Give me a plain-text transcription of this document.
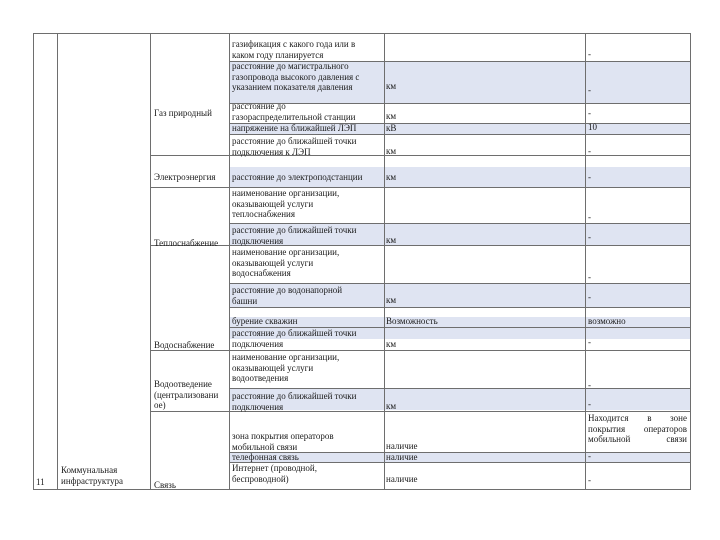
11
Коммунальная
инфраструктура
Газ природный
Электроэнергия
Теплоснабжение
Водоснабжение
Водоотведение
(централизовани
ое)
Связь
газификация с какого года или в
каком году планируется
расстояние до магистрального
газопровода высокого давления с
указанием показателя давления
расстояние до
газораспределительной станции
напряжение на ближайшей ЛЭП
расстояние до ближайшей точки
подключения к ЛЭП
расстояние до электроподстанции
наименование организации,
оказывающей услуги
теплоснабжения
расстояние до ближайшей точки
подключения
наименование организации,
оказывающей услуги
водоснабжения
расстояние до водонапорной
башни
бурение скважин
расстояние до ближайшей точки
подключения
наименование организации,
оказывающей услуги
водоотведения
расстояние до ближайшей точки
подключения
зона покрытия операторов
мобильной связи
телефонная связь
Интернет (проводной,
беспроводной)
км
км
кВ
км
км
км
км
Возможность
км
км
наличие
наличие
наличие
-
-
-
10
-
-
-
-
-
-
возможно
-
-
-
Находится в зоне
покрытия операторов
мобильной связи
-
-
